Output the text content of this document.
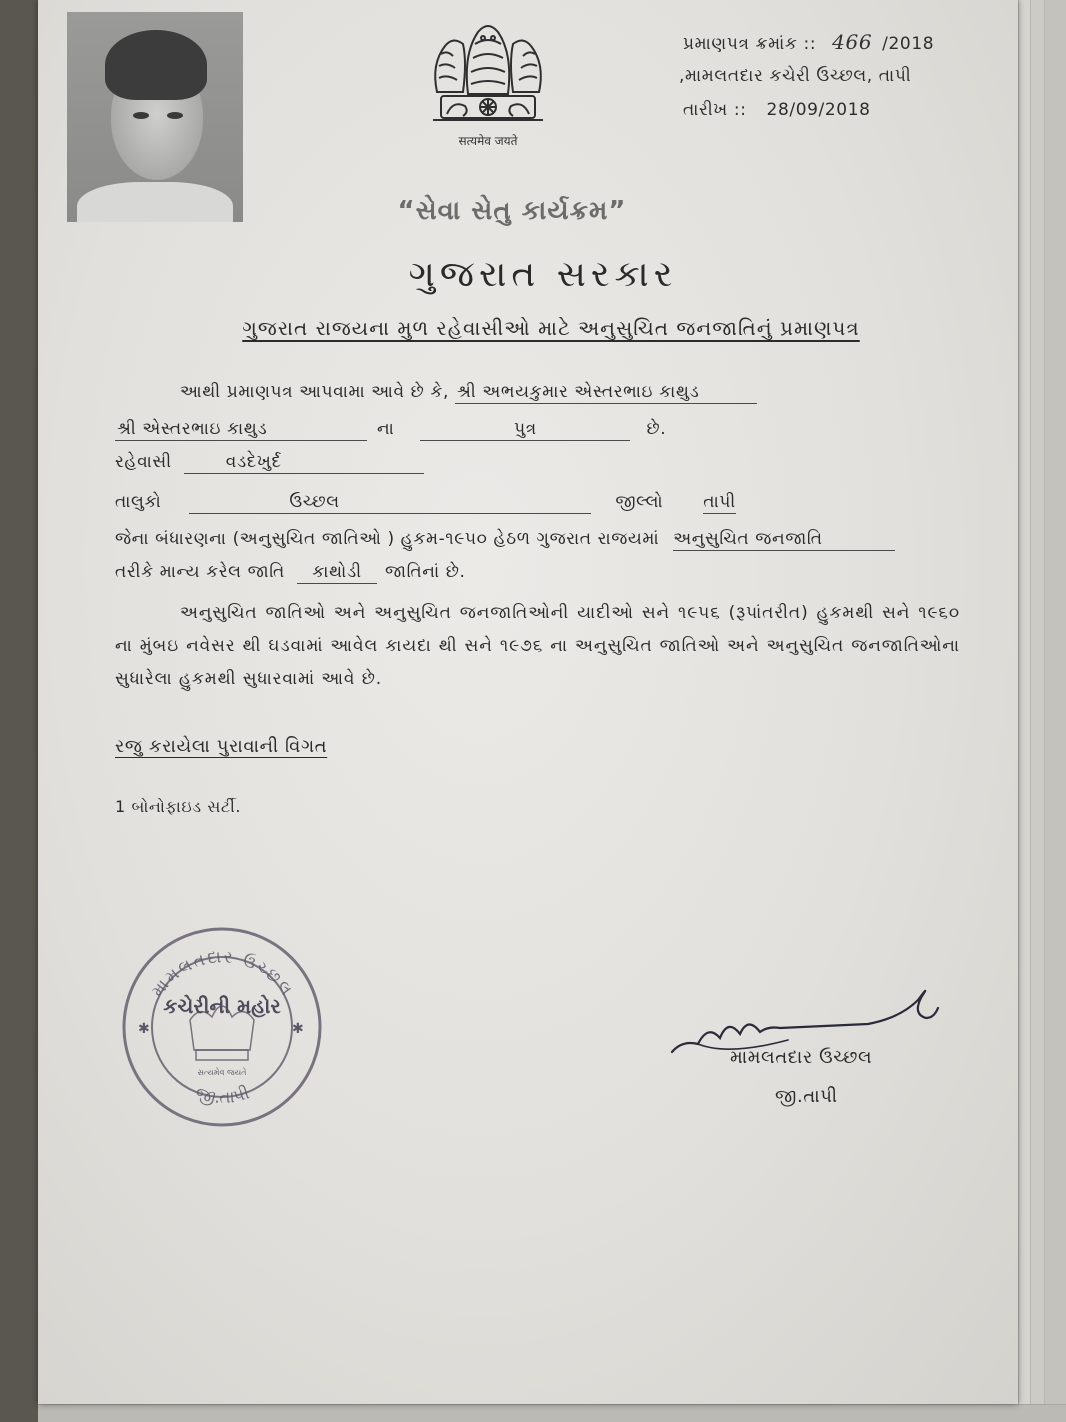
सत्यमेव जयते
પ્રમાણપત્ર ક્રમાંક :: 466 /2018
,મામલતદાર કચેરી ઉચ્છલ, તાપી
તારીખ :: 28/09/2018
“સેવા સેતુ કાર્યક્રમ”
ગુજરાત સરકાર
ગુજરાત રાજયના મુળ રહેવાસીઓ માટે અનુસુચિત જનજાતિનું પ્રમાણપત્ર
આથી પ્રમાણપત્ર આપવામા આવે છે કે, શ્રી અભયકુમાર એસ્તરભાઇ કાથુડ
શ્રી એસ્તરભાઇ કાથુડ	ના	પુત્ર	છે.
રહેવાસી	વડદેખુર્દ
તાલુકો	ઉચ્છલ	જીલ્લો તાપી
જેના બંધારણના (અનુસુચિત જાતિઓ ) હુકમ-૧૯૫૦ હેઠળ ગુજરાત રાજયમાં અનુસુચિત જનજાતિ
તરીકે માન્ય કરેલ જાતિ કાથોડી જાતિનાં છે.
અનુસુચિત જાતિઓ અને અનુસુચિત જનજાતિઓની યાદીઓ સને ૧૯૫૬ (રૂપાંતરીત) હુકમથી સને ૧૯૬૦ ના મુંબઇ નવેસર થી ઘડવામાં આવેલ કાયદા થી સને ૧૯૭૬ ના અનુસુચિત જાતિઓ અને અનુસુચિત જનજાતિઓના સુધારેલા હુકમથી સુધારવામાં આવે છે.
રજુ કરાયેલા પુરાવાની વિગત
1 બોનોફાઇડ સર્ટી.
મામલતદાર ઉચ્છલ
કચેરીની મહોર
સત્યમેવ જયતે
જી.તાપી
✱	✱
મામલતદાર ઉચ્છલ
જી.તાપી
